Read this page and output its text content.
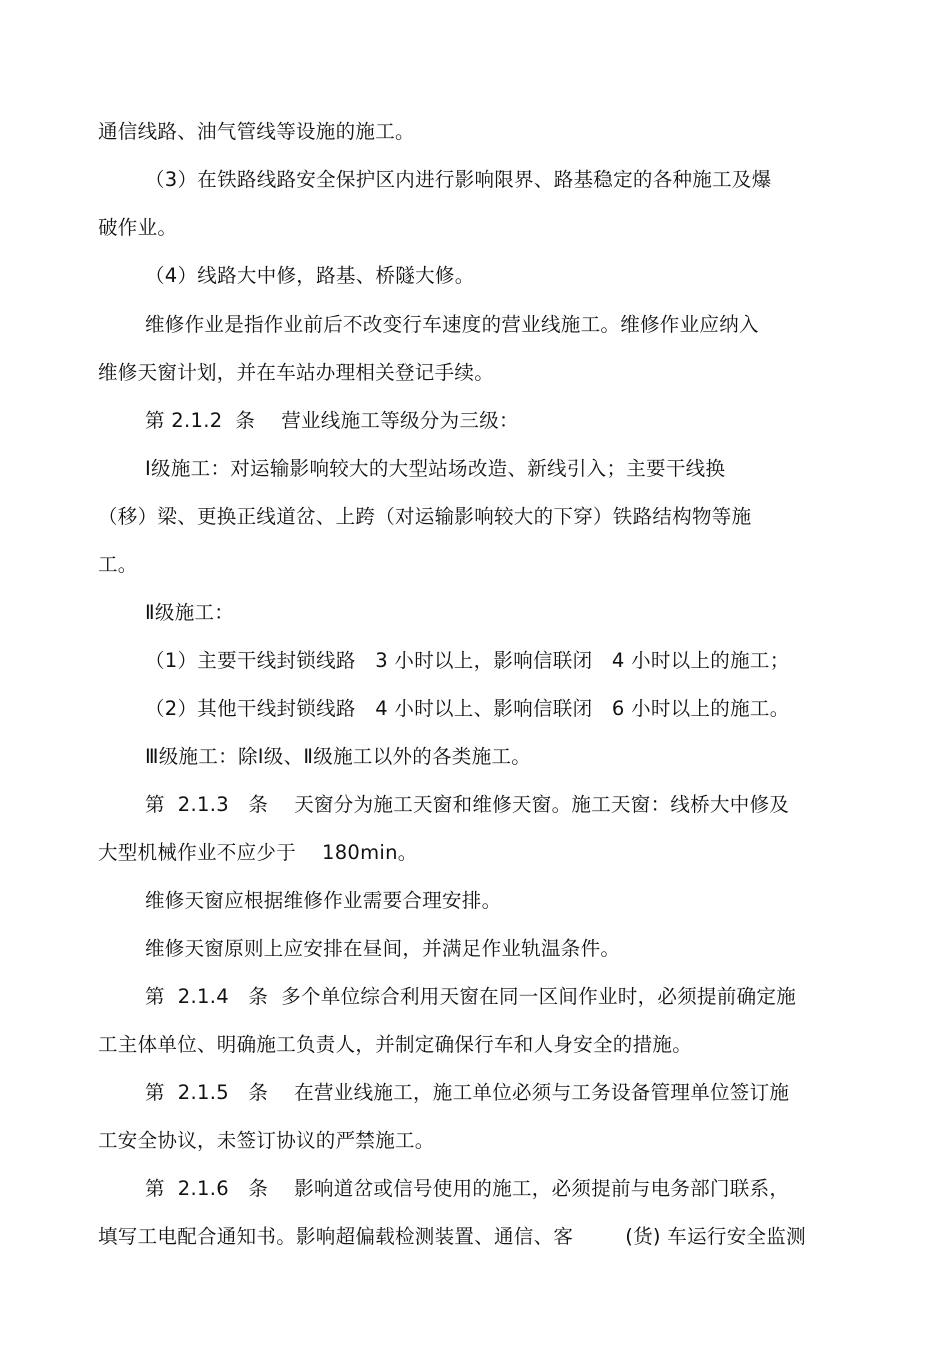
通信线路、油气管线等设施的施工。
（3）在铁路线路安全保护区内进行影响限界、路基稳定的各种施工及爆
破作业。
（4）线路大中修，路基、桥隧大修。
维修作业是指作业前后不改变行车速度的营业线施工。维修作业应纳入
维修天窗计划，并在车站办理相关登记手续。
第 2.1.2  条    营业线施工等级分为三级：
Ⅰ级施工：对运输影响较大的大型站场改造、新线引入；主要干线换
（移）梁、更换正线道岔、上跨（对运输影响较大的下穿）铁路结构物等施
工。
Ⅱ级施工：
（1）主要干线封锁线路   3 小时以上，影响信联闭   4 小时以上的施工；
（2）其他干线封锁线路   4 小时以上、影响信联闭   6 小时以上的施工。
Ⅲ级施工：除Ⅰ级、Ⅱ级施工以外的各类施工。
第  2.1.3   条    天窗分为施工天窗和维修天窗。施工天窗：线桥大中修及
大型机械作业不应少于    180min。
维修天窗应根据维修作业需要合理安排。
维修天窗原则上应安排在昼间，并满足作业轨温条件。
第  2.1.4   条  多个单位综合利用天窗在同一区间作业时，必须提前确定施
工主体单位、明确施工负责人，并制定确保行车和人身安全的措施。
第  2.1.5   条    在营业线施工，施工单位必须与工务设备管理单位签订施
工安全协议，未签订协议的严禁施工。
第  2.1.6   条    影响道岔或信号使用的施工，必须提前与电务部门联系，
填写工电配合通知书。影响超偏载检测装置、通信、客        (货) 车运行安全监测
